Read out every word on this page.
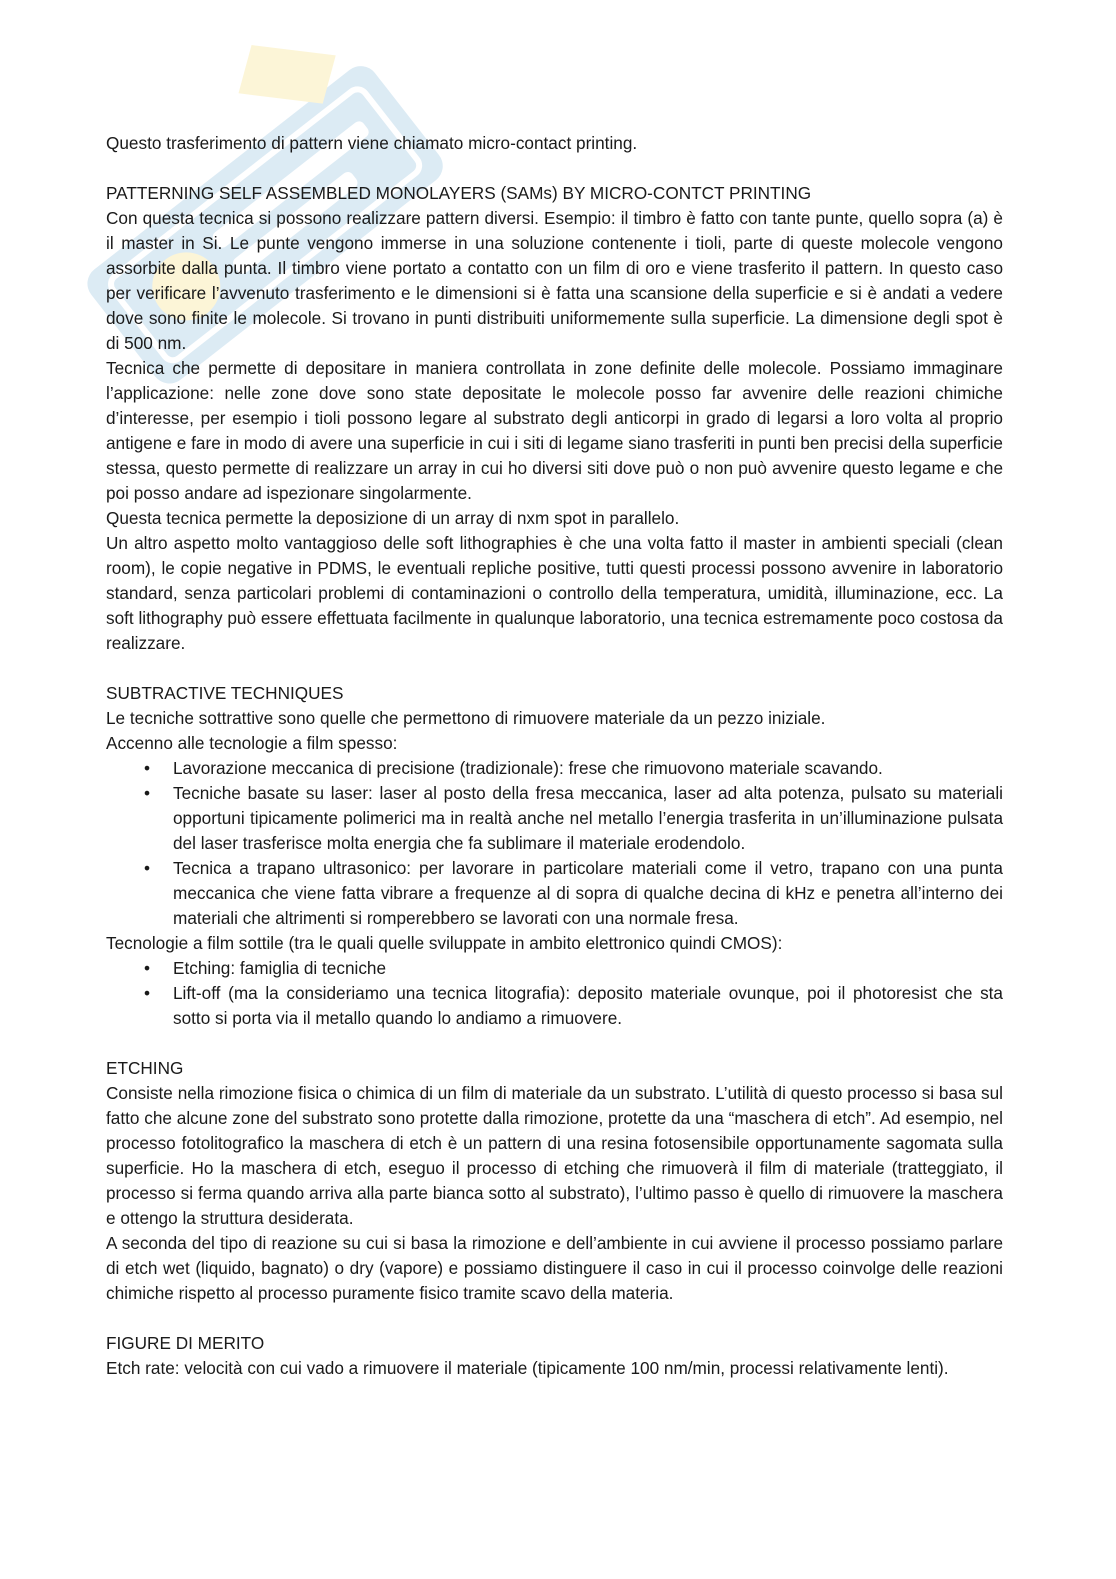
Questo trasferimento di pattern viene chiamato micro-contact printing.

PATTERNING SELF ASSEMBLED MONOLAYERS (SAMs) BY MICRO-CONTCT PRINTING

Con questa tecnica si possono realizzare pattern diversi. Esempio: il timbro è fatto con tante punte, quello sopra (a) è il master in Si. Le punte vengono immerse in una soluzione contenente i tioli, parte di queste molecole vengono assorbite dalla punta. Il timbro viene portato a contatto con un film di oro e viene trasferito il pattern. In questo caso per verificare l’avvenuto trasferimento e le dimensioni si è fatta una scansione della superficie e si è andati a vedere dove sono finite le molecole. Si trovano in punti distribuiti uniformemente sulla superficie. La dimensione degli spot è di 500 nm.

Tecnica che permette di depositare in maniera controllata in zone definite delle molecole. Possiamo immaginare l’applicazione: nelle zone dove sono state depositate le molecole posso far avvenire delle reazioni chimiche d’interesse, per esempio i tioli possono legare al substrato degli anticorpi in grado di legarsi a loro volta al proprio antigene e fare in modo di avere una superficie in cui i siti di legame siano trasferiti in punti ben precisi della superficie stessa, questo permette di realizzare un array in cui ho diversi siti dove può o non può avvenire questo legame e che poi posso andare ad ispezionare singolarmente.

Questa tecnica permette la deposizione di un array di nxm spot in parallelo.

Un altro aspetto molto vantaggioso delle soft lithographies è che una volta fatto il master in ambienti speciali (clean room), le copie negative in PDMS, le eventuali repliche positive, tutti questi processi possono avvenire in laboratorio standard, senza particolari problemi di contaminazioni o controllo della temperatura, umidità, illuminazione, ecc. La soft lithography può essere effettuata facilmente in qualunque laboratorio, una tecnica estremamente poco costosa da realizzare.

SUBTRACTIVE TECHNIQUES

Le tecniche sottrattive sono quelle che permettono di rimuovere materiale da un pezzo iniziale.

Accenno alle tecnologie a film spesso:

• Lavorazione meccanica di precisione (tradizionale): frese che rimuovono materiale scavando.
• Tecniche basate su laser: laser al posto della fresa meccanica, laser ad alta potenza, pulsato su materiali opportuni tipicamente polimerici ma in realtà anche nel metallo l’energia trasferita in un’illuminazione pulsata del laser trasferisce molta energia che fa sublimare il materiale erodendolo.
• Tecnica a trapano ultrasonico: per lavorare in particolare materiali come il vetro, trapano con una punta meccanica che viene fatta vibrare a frequenze al di sopra di qualche decina di kHz e penetra all’interno dei materiali che altrimenti si romperebbero se lavorati con una normale fresa.

Tecnologie a film sottile (tra le quali quelle sviluppate in ambito elettronico quindi CMOS):

• Etching: famiglia di tecniche
• Lift-off (ma la consideriamo una tecnica litografia): deposito materiale ovunque, poi il photoresist che sta sotto si porta via il metallo quando lo andiamo a rimuovere.

ETCHING

Consiste nella rimozione fisica o chimica di un film di materiale da un substrato. L’utilità di questo processo si basa sul fatto che alcune zone del substrato sono protette dalla rimozione, protette da una “maschera di etch”. Ad esempio, nel processo fotolitografico la maschera di etch è un pattern di una resina fotosensibile opportunamente sagomata sulla superficie. Ho la maschera di etch, eseguo il processo di etching che rimuoverà il film di materiale (tratteggiato, il processo si ferma quando arriva alla parte bianca sotto al substrato), l’ultimo passo è quello di rimuovere la maschera e ottengo la struttura desiderata.

A seconda del tipo di reazione su cui si basa la rimozione e dell’ambiente in cui avviene il processo possiamo parlare di etch wet (liquido, bagnato) o dry (vapore) e possiamo distinguere il caso in cui il processo coinvolge delle reazioni chimiche rispetto al processo puramente fisico tramite scavo della materia.

FIGURE DI MERITO

Etch rate: velocità con cui vado a rimuovere il materiale (tipicamente 100 nm/min, processi relativamente lenti).
